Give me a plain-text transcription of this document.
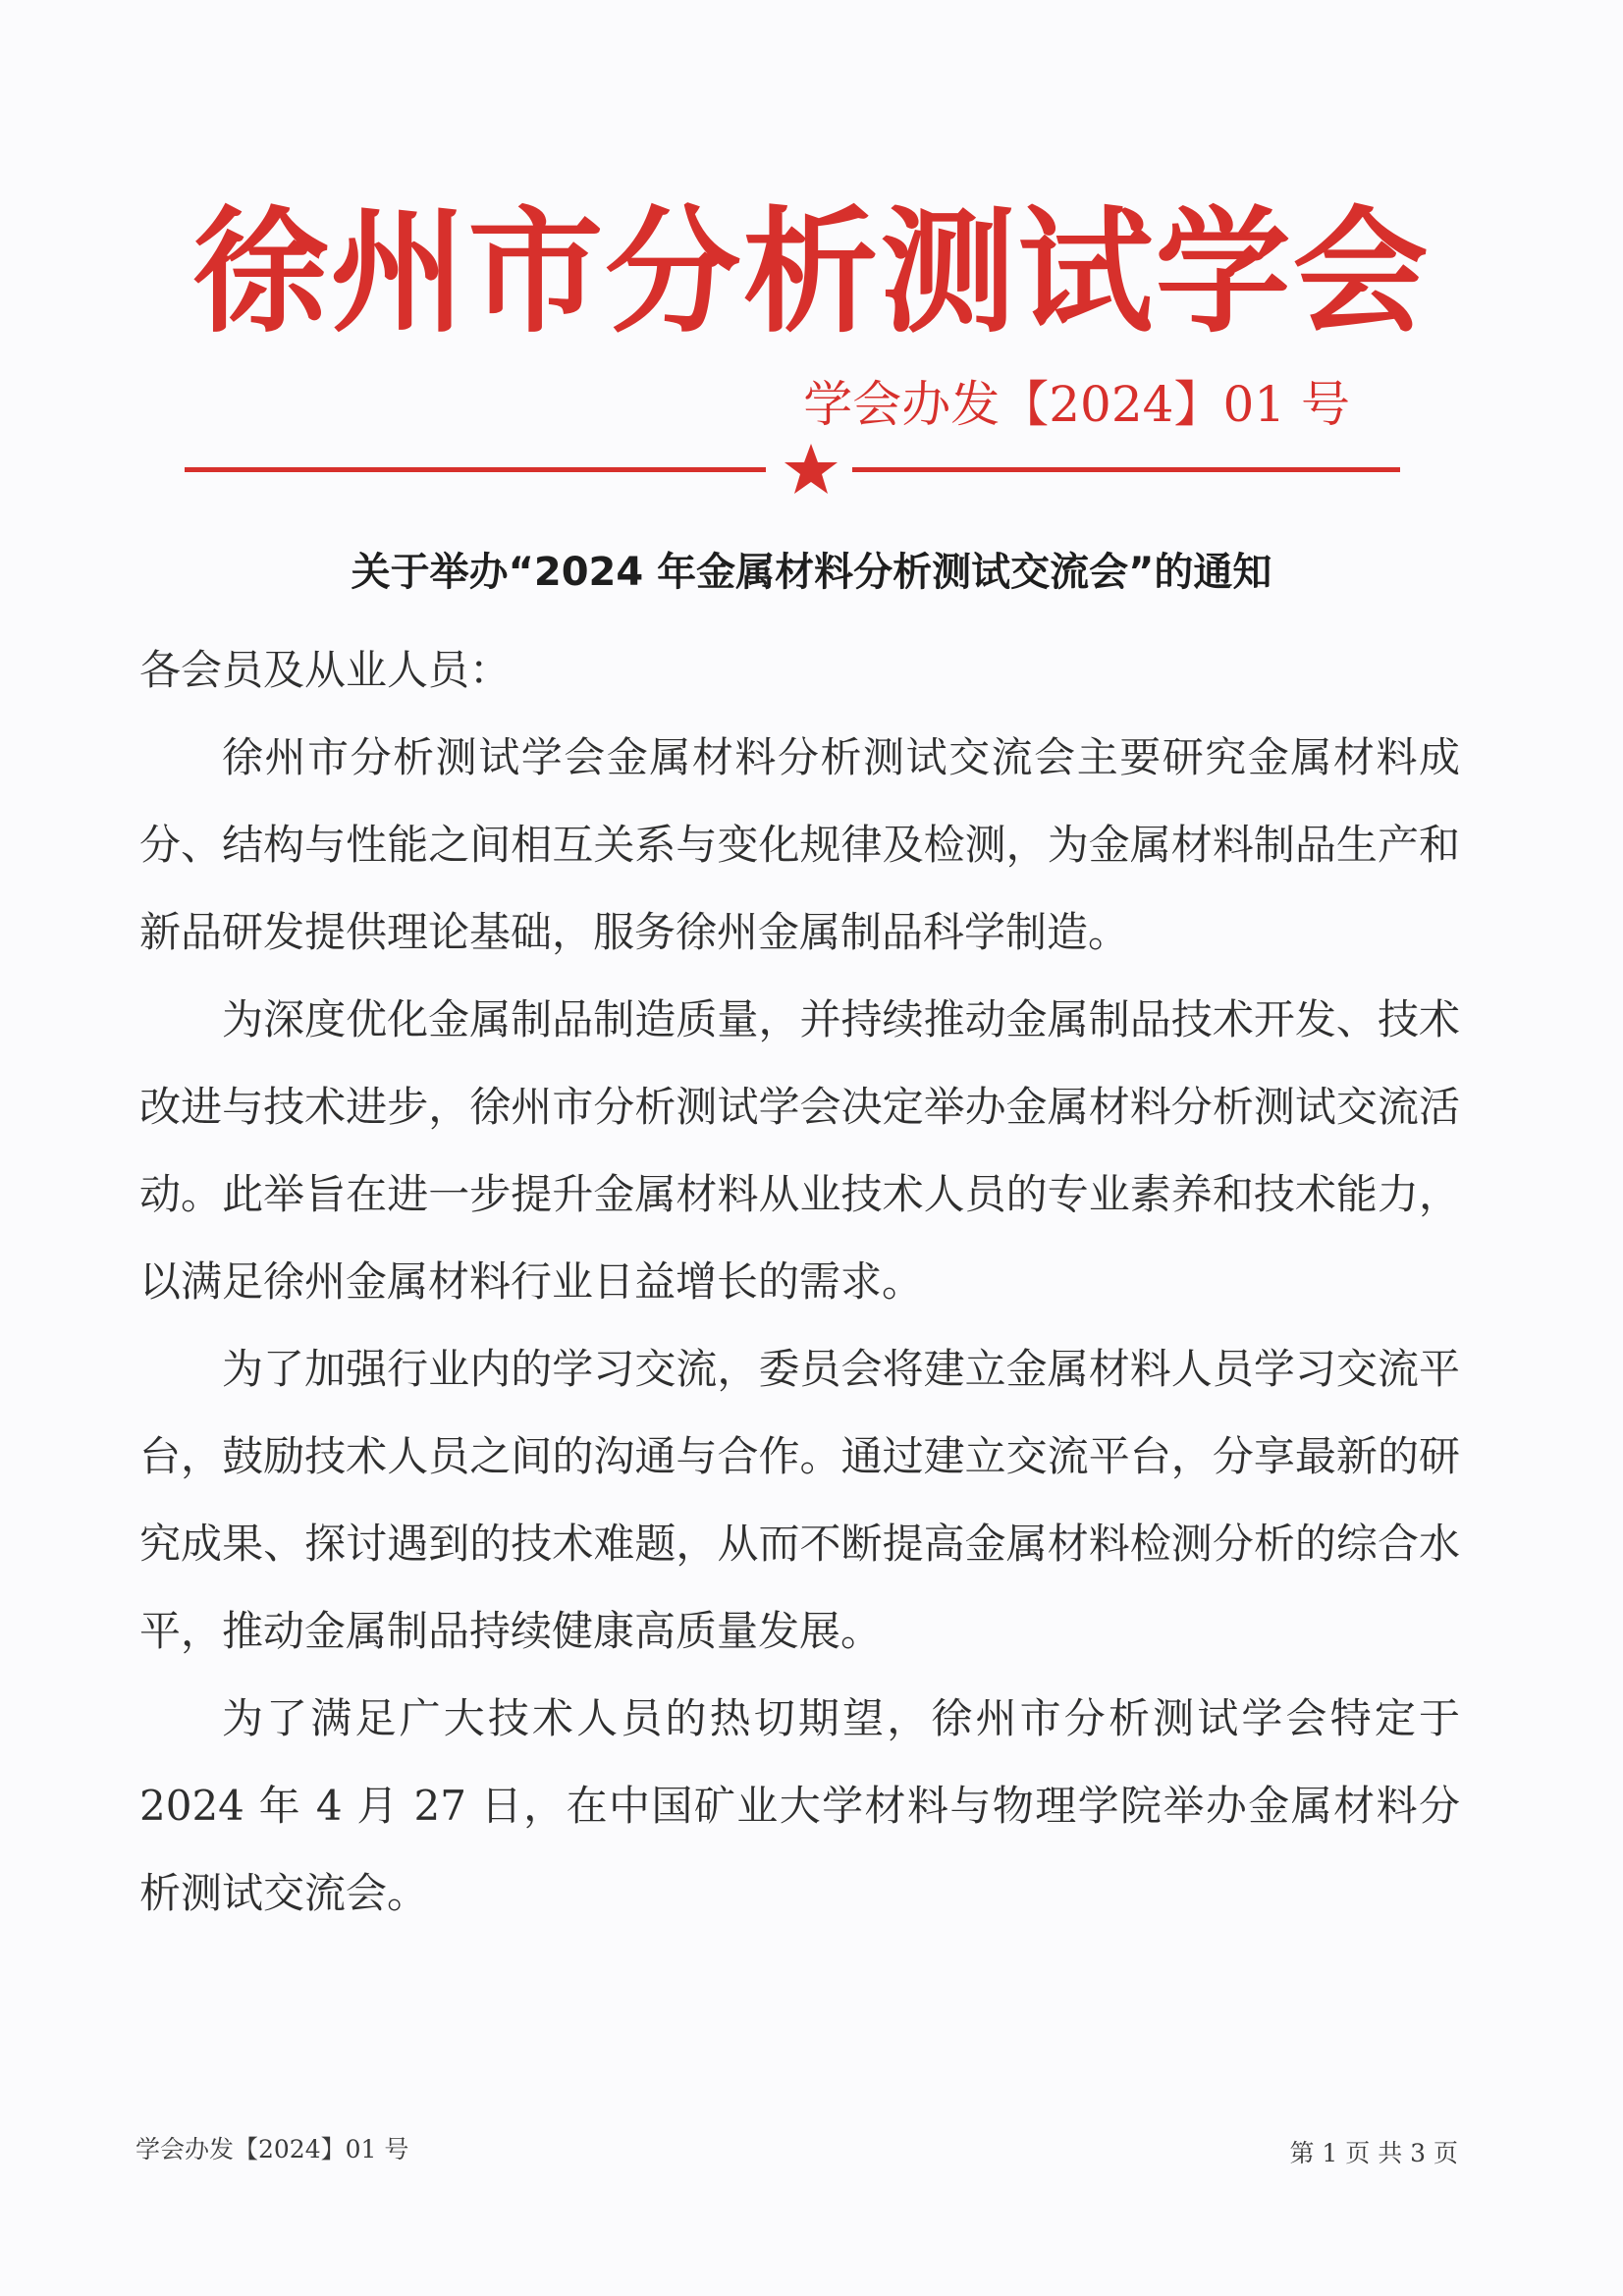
徐州市分析测试学会
学会办发【2024】01 号
关于举办“2024 年金属材料分析测试交流会”的通知

各会员及从业人员：

徐州市分析测试学会金属材料分析测试交流会主要研究金属材料成分、结构与性能之间相互关系与变化规律及检测，为金属材料制品生产和新品研发提供理论基础，服务徐州金属制品科学制造。

为深度优化金属制品制造质量，并持续推动金属制品技术开发、技术改进与技术进步，徐州市分析测试学会决定举办金属材料分析测试交流活动。此举旨在进一步提升金属材料从业技术人员的专业素养和技术能力，以满足徐州金属材料行业日益增长的需求。

为了加强行业内的学习交流，委员会将建立金属材料人员学习交流平台，鼓励技术人员之间的沟通与合作。通过建立交流平台，分享最新的研究成果、探讨遇到的技术难题，从而不断提高金属材料检测分析的综合水平，推动金属制品持续健康高质量发展。

为了满足广大技术人员的热切期望，徐州市分析测试学会特定于 2024 年 4 月 27 日，在中国矿业大学材料与物理学院举办金属材料分析测试交流会。

学会办发【2024】01 号	第 1 页 共 3 页
